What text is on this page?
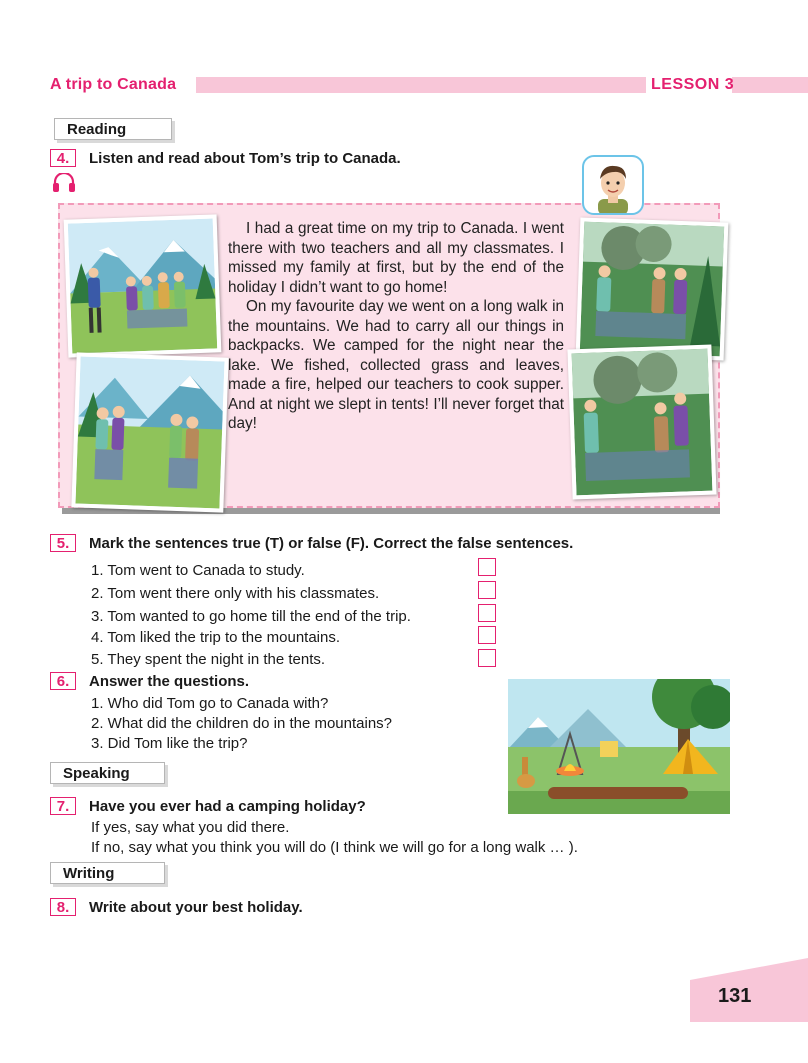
A trip to Canada	LESSON 3
Reading
4.	Listen and read about Tom’s trip to Canada.

I had a great time on my trip to Canada. I went there with two teachers and all my classmates. I missed my family at first, but by the end of the holiday I didn’t want to go home!

On my favourite day we went on a long walk in the mountains. We had to carry all our things in backpacks. We camped for the night near the lake. We fished, collected grass and leaves, made a fire, helped our teachers to cook supper. And at night we slept in tents! I’ll never forget that day!

5.	Mark the sentences true (T) or false (F). Correct the false sentences.
1. Tom went to Canada to study.
2. Tom went there only with his classmates.
3. Tom wanted to go home till the end of the trip.
4. Tom liked the trip to the mountains.
5. They spent the night in the tents.
6.	Answer the questions.
1. Who did Tom go to Canada with?
2. What did the children do in the mountains?
3. Did Tom like the trip?
Speaking
7.	Have you ever had a camping holiday?
If yes, say what you did there.
If no, say what you think you will do (I think we will go for a long walk … ).
Writing
8.	Write about your best holiday.
131
